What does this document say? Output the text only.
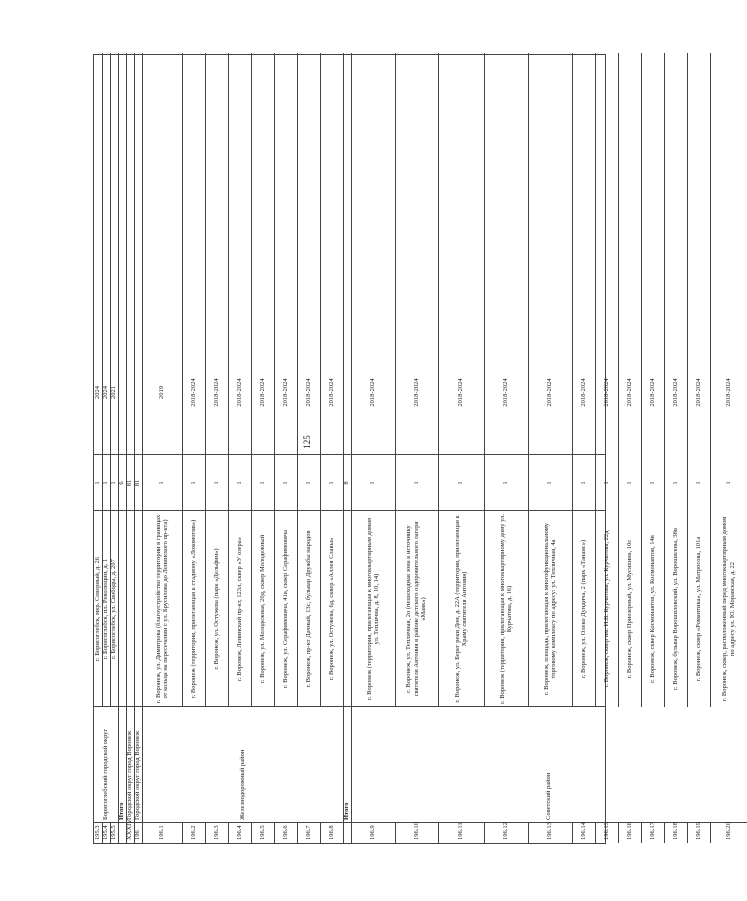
125
195.3
г. Борисоглебск, мкр. Северный, д. 26
1
2024
Борисоглебский городской округ
195.4
г. Борисоглебск, пл. Революции, д. 1
1
2024
195.5
г. Борисоглебск, ул. Свободы, д. 207
1
2021
6
Итого
XXXIV
81
Городской округ город Воронеж
196
81
Городской округ город Воронеж
196.1
г. Воронеж, ул. Димитрова (благоустройство территории в границах от кольца на пересечении с ул. Брусилова до Ленинского пр-кта)
1
2019
Железнодорожный район
196.2
г. Воронеж (территория, прилегающая к стадиону «Локомотив»)
1
2018-2024
196.3
г. Воронеж, ул. Остужева (парк «Дельфин»)
1
2018-2024
196.4
г. Воронеж, Ленинский пр-кт, 123л, сквер «У озера»
1
2018-2024
196.5
г. Воронеж, ул. Молодежная, 20д, сквер Молодежный
1
2018-2024
196.6
г. Воронеж, ул. Серафимовича, 41в, сквер Серафимовича
1
2018-2024
196.7
г. Воронеж, пр-кт Дачный, 13с, бульвар Дружбы народов
1
2018-2024
196.8
г. Воронеж, ул. Остужева, 6д, сквер «Аллея Славы»
1
2018-2024
8
Итого
196.9
г. Воронеж (территория, прилегающая к многоквартирным домам ул. Теплична, д. 8, 10, 14)
1
2018-2024
Советский район
196.10
г. Воронеж, ул. Тепличная, 2о (пешеходная зона к источнику святителя Антония в районе детского оздоровительного лагеря «Маяк»)
1
2018-2024
196.11
г. Воронеж, ул. Берег реки Дон, д. 22А (территория, прилегающая к Храму святителя Антония)
1
2018-2024
196.12
г. Воронеж (территория, прилегающая к многоквартирному дому ул. Курчатова, д. 16)
1
2018-2024
196.13
г. Воронеж, площадь, прилегающая к многофункциональному торговому комплексу по адресу: ул. Тепличная, 4а
1
2018-2024
196.14
г. Воронеж, ул. Олеко Дундича, 2 (парк «Танаис»)
1
2018-2024
196.15
г. Воронеж, сквер им. И.В. Курчатова, ул. Курчатова, 22д
1
2018-2024
196.16
г. Воронеж, сквер Приозерный, ул. Мусихина, 10с
1
2018-2024
196.17
г. Воронеж, сквер Космонавтов, ул. Космонавтов, 14в
1
2018-2024
196.18
г. Воронеж, бульвар Ворошиловский, ул. Ворошилова, 38в
1
2018-2024
196.19
г. Воронеж, сквер «Романтика», ул. Матросова, 101а
1
2018-2024
196.20
г. Воронеж, сквер, расположенный перед многоквартирным домом по адресу ул. Ю. Моравская, д. 22
1
2018-2024
